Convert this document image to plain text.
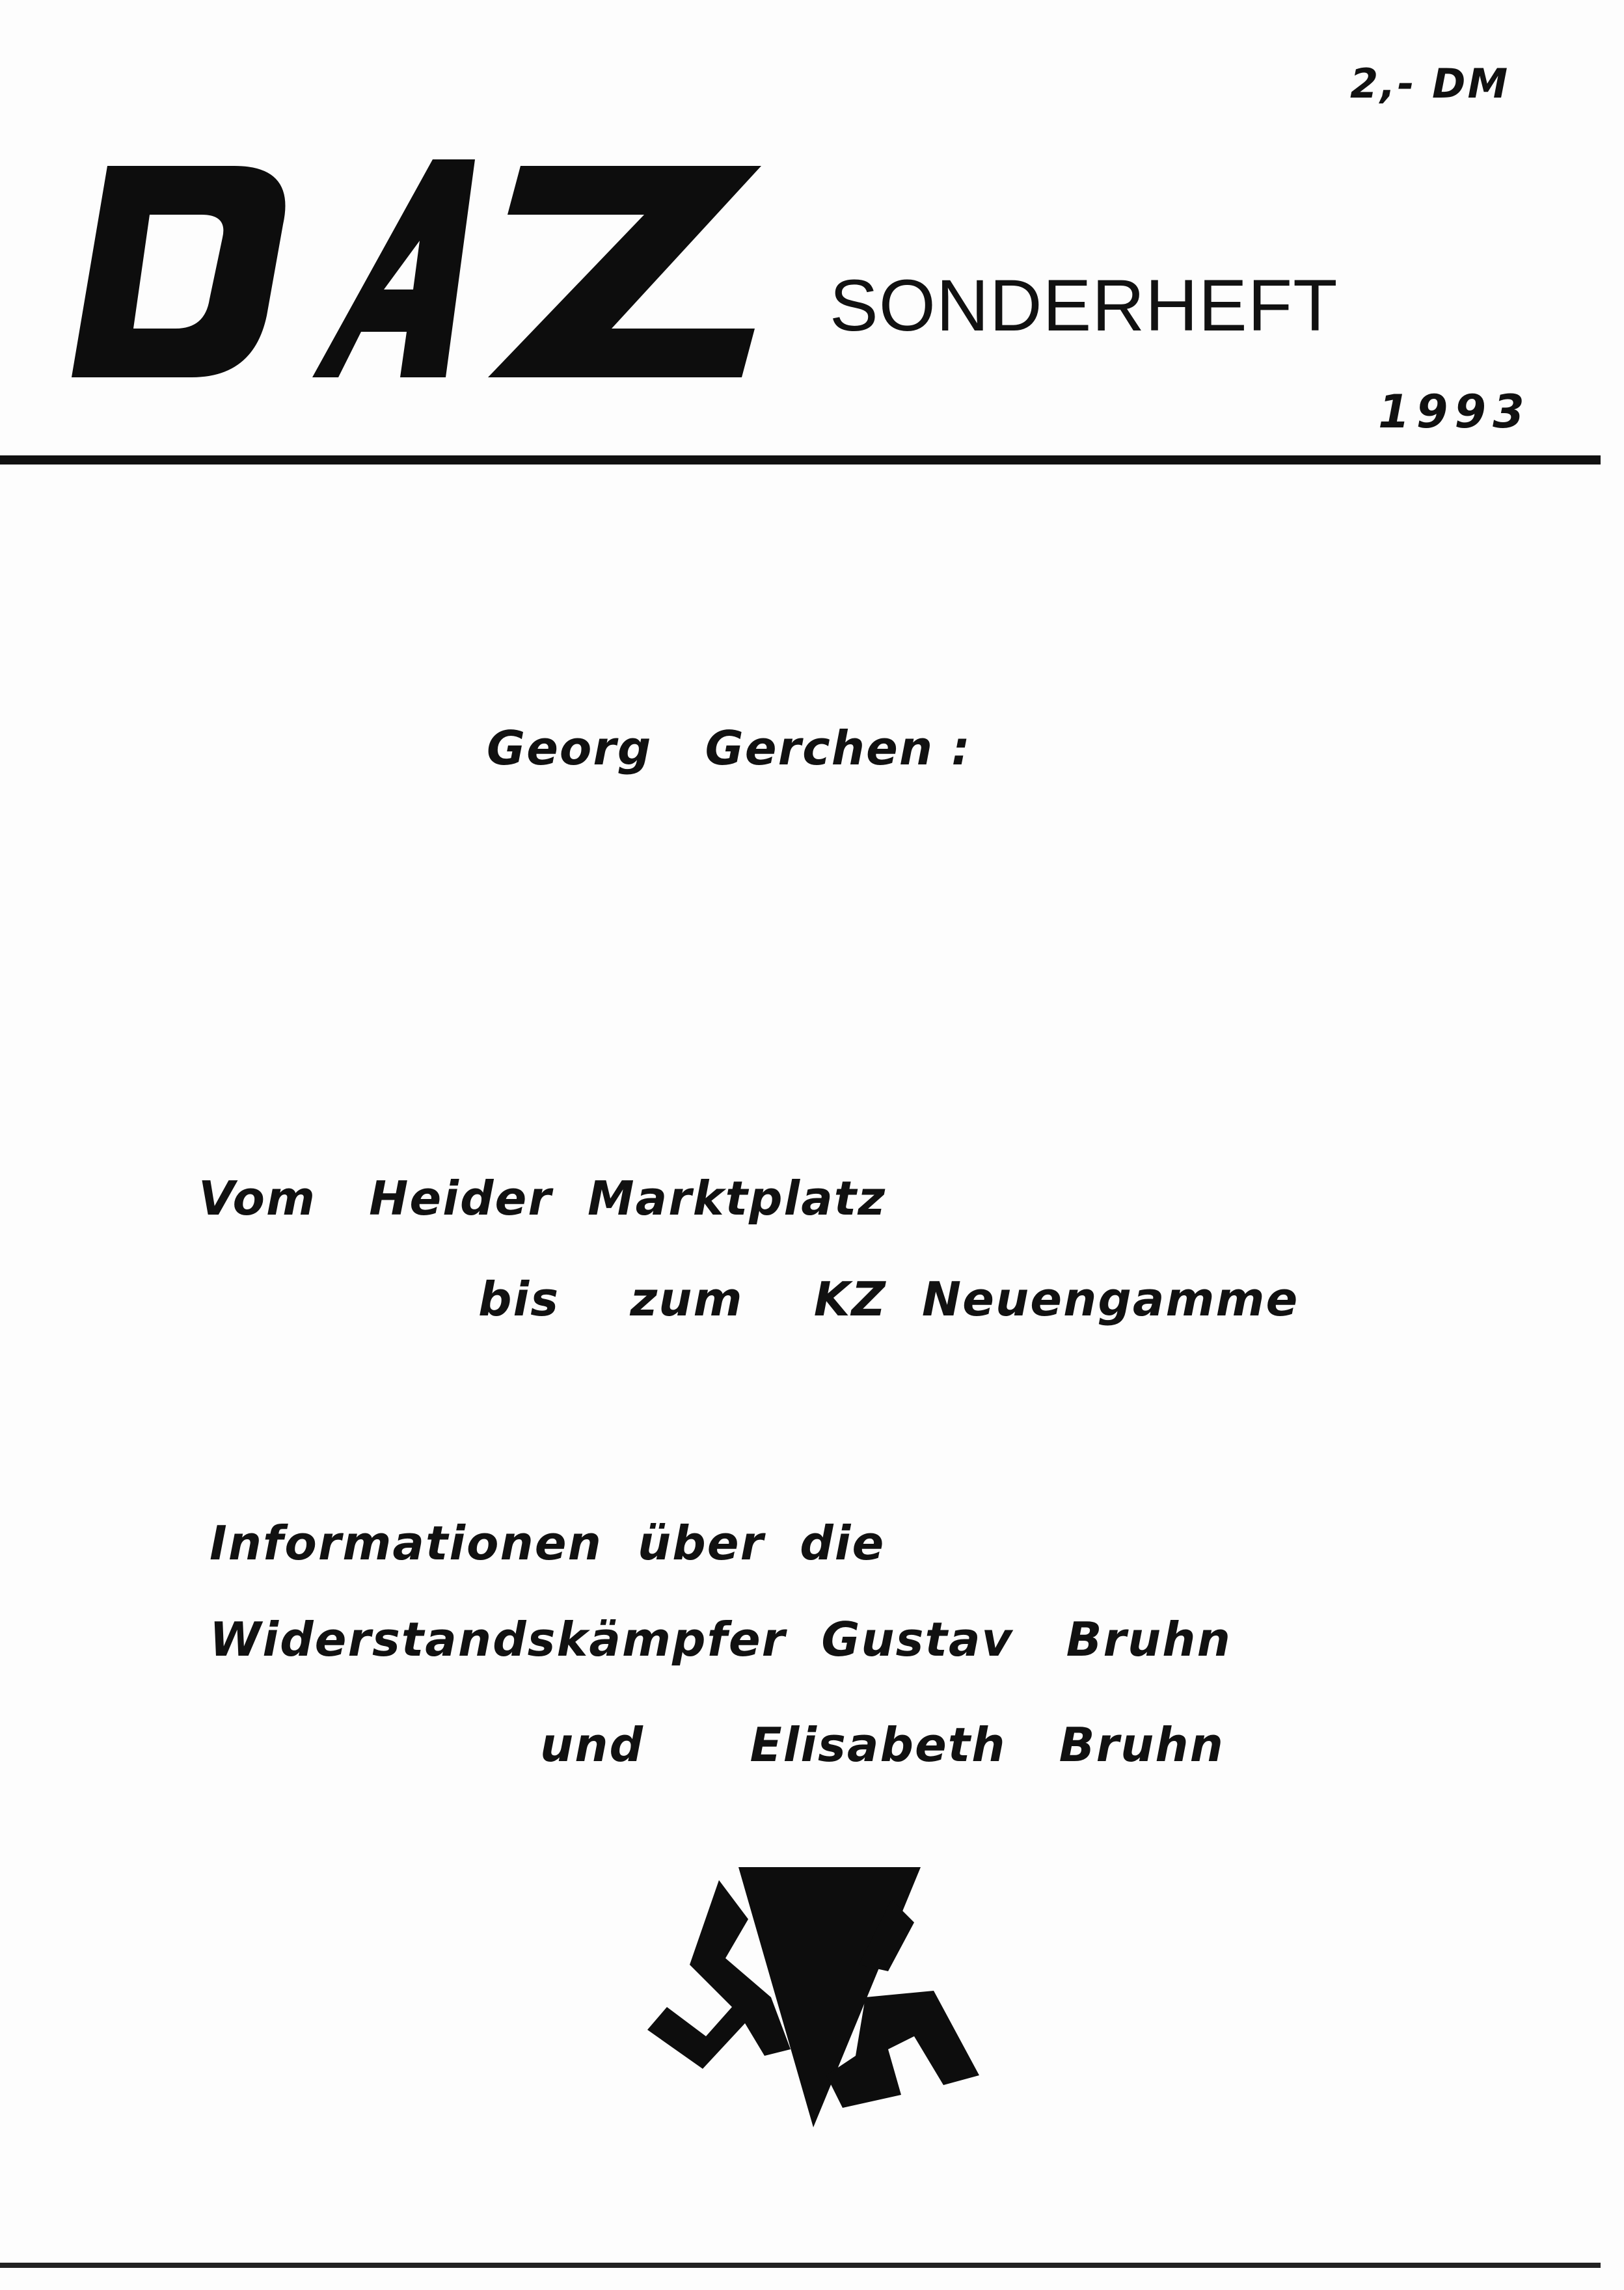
2,- DM
SONDERHEFT
1993
Georg   Gerchen :
Vom   Heider  Marktplatz
bis    zum    KZ  Neuengamme
Informationen  über  die
Widerstandskämpfer  Gustav   Bruhn
und      Elisabeth   Bruhn
